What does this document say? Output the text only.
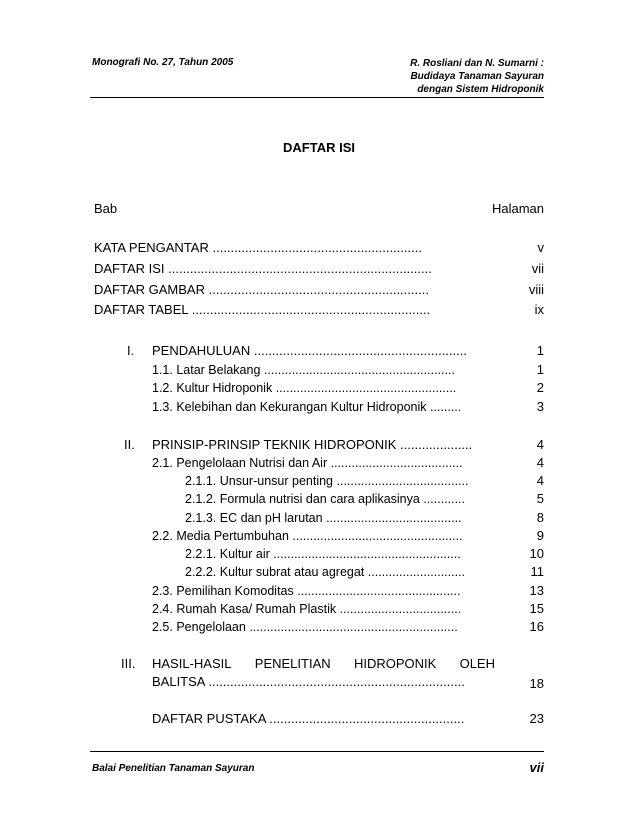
Monografi No. 27, Tahun 2005	R. Rosliani dan N. Sumarni :
Budidaya Tanaman Sayuran
dengan Sistem Hidroponik
DAFTAR ISI
Bab	Halaman
KATA PENGANTAR ..........................................................	v
DAFTAR ISI .........................................................................	vii
DAFTAR GAMBAR .............................................................	viii
DAFTAR TABEL ..................................................................	ix
I. PENDAHULUAN ...........................................................	1
1.1. Latar Belakang .......................................................	1
1.2. Kultur Hidroponik ....................................................	2
1.3. Kelebihan dan Kekurangan Kultur Hidroponik .........	3
II. PRINSIP-PRINSIP TEKNIK HIDROPONIK ....................	4
2.1. Pengelolaan Nutrisi dan Air ......................................	4
2.1.1. Unsur-unsur penting ......................................	4
2.1.2. Formula nutrisi dan cara aplikasinya ............	5
2.1.3. EC dan pH larutan .......................................	8
2.2. Media Pertumbuhan .................................................	9
2.2.1. Kultur air ......................................................	10
2.2.2. Kultur subrat atau agregat ............................	11
2.3. Pemilihan Komoditas ...............................................	13
2.4. Rumah Kasa/ Rumah Plastik ...................................	15
2.5. Pengelolaan ............................................................	16
III. HASIL-HASIL PENELITIAN HIDROPONIK OLEH
BALITSA .......................................................................	18
DAFTAR PUSTAKA ......................................................	23
Balai Penelitian Tanaman Sayuran	vii
